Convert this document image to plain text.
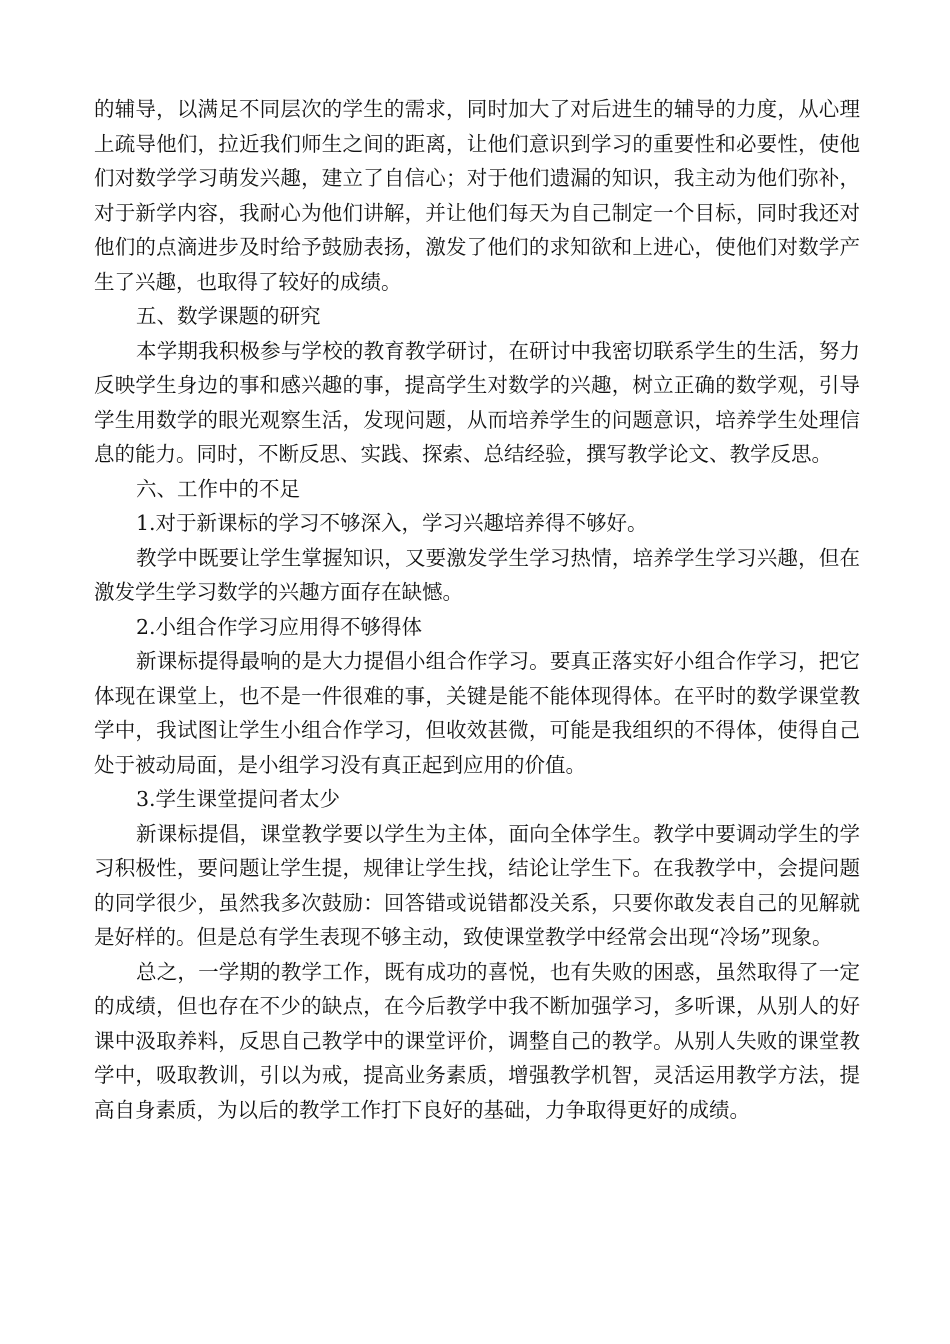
的辅导，以满足不同层次的学生的需求，同时加大了对后进生的辅导的力度，从心理上疏导他们，拉近我们师生之间的距离，让他们意识到学习的重要性和必要性，使他们对数学学习萌发兴趣，建立了自信心；对于他们遗漏的知识，我主动为他们弥补，对于新学内容，我耐心为他们讲解，并让他们每天为自己制定一个目标，同时我还对他们的点滴进步及时给予鼓励表扬，激发了他们的求知欲和上进心，使他们对数学产生了兴趣，也取得了较好的成绩。

五、数学课题的研究

本学期我积极参与学校的教育教学研讨，在研讨中我密切联系学生的生活，努力反映学生身边的事和感兴趣的事，提高学生对数学的兴趣，树立正确的数学观，引导学生用数学的眼光观察生活，发现问题，从而培养学生的问题意识，培养学生处理信息的能力。同时，不断反思、实践、探索、总结经验，撰写教学论文、教学反思。

六、工作中的不足

1.对于新课标的学习不够深入，学习兴趣培养得不够好。

教学中既要让学生掌握知识，又要激发学生学习热情，培养学生学习兴趣，但在激发学生学习数学的兴趣方面存在缺憾。

2.小组合作学习应用得不够得体

新课标提得最响的是大力提倡小组合作学习。要真正落实好小组合作学习，把它体现在课堂上，也不是一件很难的事，关键是能不能体现得体。在平时的数学课堂教学中，我试图让学生小组合作学习，但收效甚微，可能是我组织的不得体，使得自己处于被动局面，是小组学习没有真正起到应用的价值。

3.学生课堂提问者太少

新课标提倡，课堂教学要以学生为主体，面向全体学生。教学中要调动学生的学习积极性，要问题让学生提，规律让学生找，结论让学生下。在我教学中，会提问题的同学很少，虽然我多次鼓励：回答错或说错都没关系，只要你敢发表自己的见解就是好样的。但是总有学生表现不够主动，致使课堂教学中经常会出现“冷场”现象。

总之，一学期的教学工作，既有成功的喜悦，也有失败的困惑，虽然取得了一定的成绩，但也存在不少的缺点，在今后教学中我不断加强学习，多听课，从别人的好课中汲取养料，反思自己教学中的课堂评价，调整自己的教学。从别人失败的课堂教学中，吸取教训，引以为戒，提高业务素质，增强教学机智，灵活运用教学方法，提高自身素质，为以后的教学工作打下良好的基础，力争取得更好的成绩。
